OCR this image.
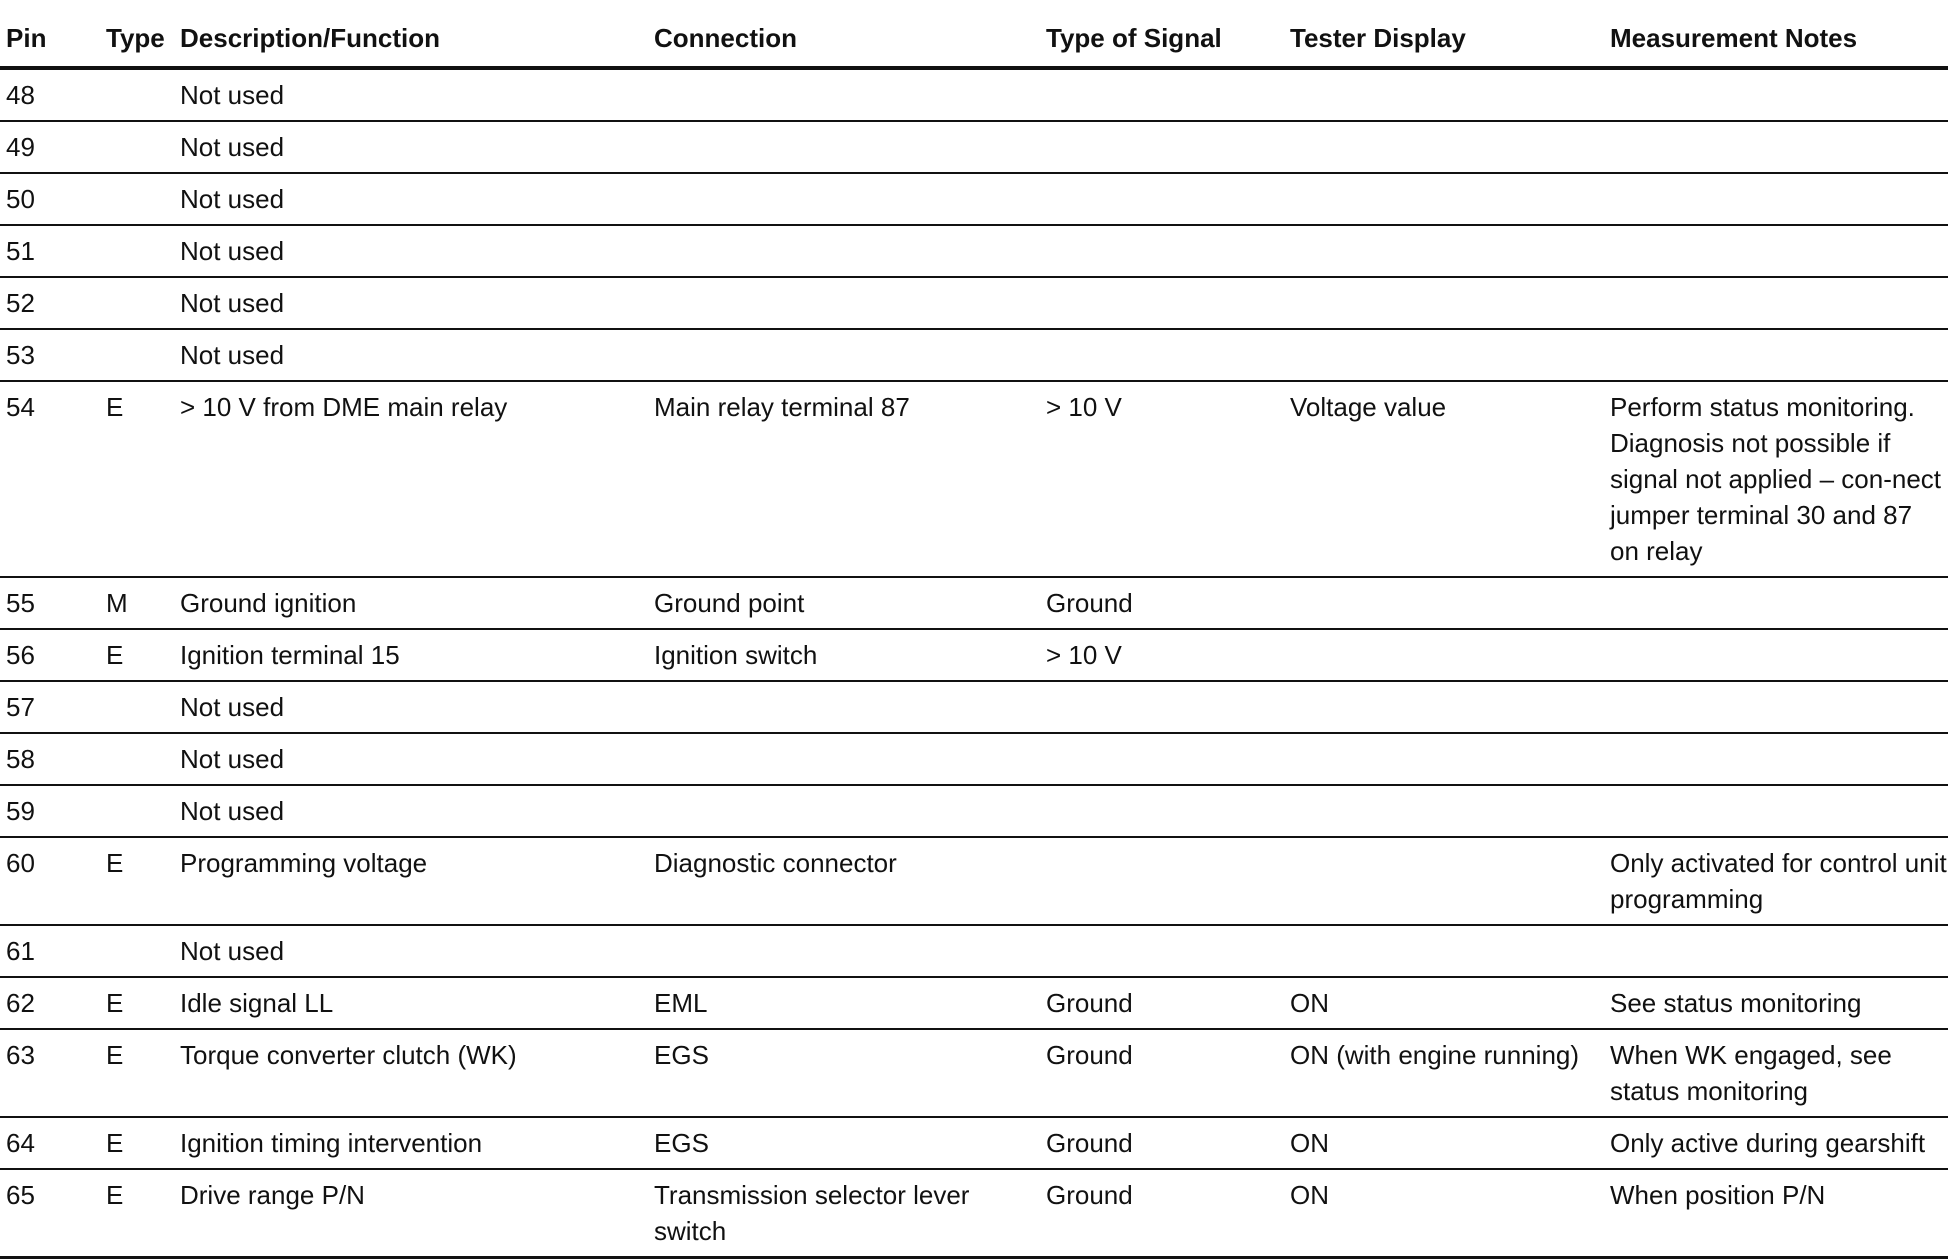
Pin	Type	Description/Function	Connection	Type of Signal	Tester Display	Measurement Notes
48		Not used				
49		Not used				
50		Not used				
51		Not used				
52		Not used				
53		Not used				
54	E	> 10 V from DME main relay	Main relay terminal 87	> 10 V	Voltage value	Perform status monitoring. Diagnosis not possible if signal not applied – con-nect jumper terminal 30 and 87 on relay
55	M	Ground ignition	Ground point	Ground		
56	E	Ignition terminal 15	Ignition switch	> 10 V		
57		Not used				
58		Not used				
59		Not used				
60	E	Programming voltage	Diagnostic connector			Only activated for control unit programming
61		Not used				
62	E	Idle signal LL	EML	Ground	ON	See status monitoring
63	E	Torque converter clutch (WK)	EGS	Ground	ON (with engine running)	When WK engaged, see status monitoring
64	E	Ignition timing intervention	EGS	Ground	ON	Only active during gearshift
65	E	Drive range P/N	Transmission selector lever switch	Ground	ON	When position P/N
